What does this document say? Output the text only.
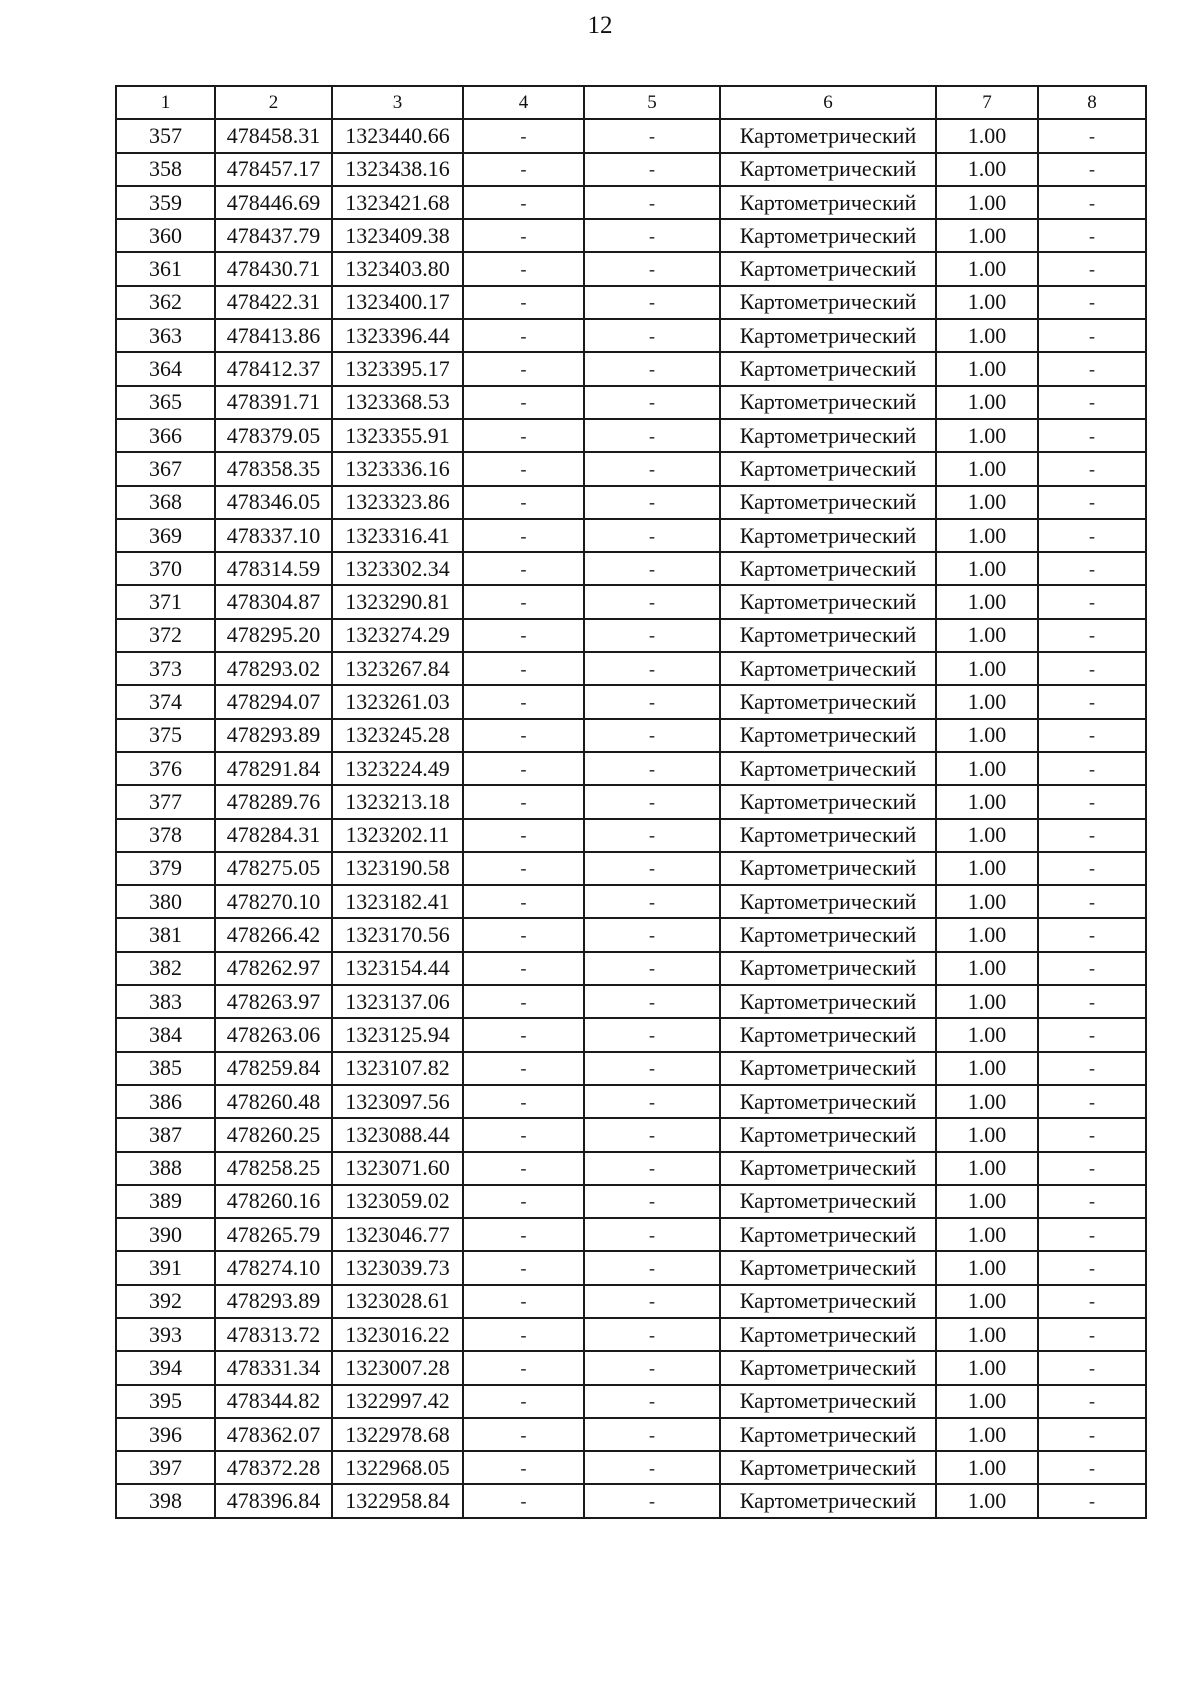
12
1	2	3	4	5	6	7	8
357	478458.31	1323440.66	-	-	Картометрический	1.00	-
358	478457.17	1323438.16	-	-	Картометрический	1.00	-
359	478446.69	1323421.68	-	-	Картометрический	1.00	-
360	478437.79	1323409.38	-	-	Картометрический	1.00	-
361	478430.71	1323403.80	-	-	Картометрический	1.00	-
362	478422.31	1323400.17	-	-	Картометрический	1.00	-
363	478413.86	1323396.44	-	-	Картометрический	1.00	-
364	478412.37	1323395.17	-	-	Картометрический	1.00	-
365	478391.71	1323368.53	-	-	Картометрический	1.00	-
366	478379.05	1323355.91	-	-	Картометрический	1.00	-
367	478358.35	1323336.16	-	-	Картометрический	1.00	-
368	478346.05	1323323.86	-	-	Картометрический	1.00	-
369	478337.10	1323316.41	-	-	Картометрический	1.00	-
370	478314.59	1323302.34	-	-	Картометрический	1.00	-
371	478304.87	1323290.81	-	-	Картометрический	1.00	-
372	478295.20	1323274.29	-	-	Картометрический	1.00	-
373	478293.02	1323267.84	-	-	Картометрический	1.00	-
374	478294.07	1323261.03	-	-	Картометрический	1.00	-
375	478293.89	1323245.28	-	-	Картометрический	1.00	-
376	478291.84	1323224.49	-	-	Картометрический	1.00	-
377	478289.76	1323213.18	-	-	Картометрический	1.00	-
378	478284.31	1323202.11	-	-	Картометрический	1.00	-
379	478275.05	1323190.58	-	-	Картометрический	1.00	-
380	478270.10	1323182.41	-	-	Картометрический	1.00	-
381	478266.42	1323170.56	-	-	Картометрический	1.00	-
382	478262.97	1323154.44	-	-	Картометрический	1.00	-
383	478263.97	1323137.06	-	-	Картометрический	1.00	-
384	478263.06	1323125.94	-	-	Картометрический	1.00	-
385	478259.84	1323107.82	-	-	Картометрический	1.00	-
386	478260.48	1323097.56	-	-	Картометрический	1.00	-
387	478260.25	1323088.44	-	-	Картометрический	1.00	-
388	478258.25	1323071.60	-	-	Картометрический	1.00	-
389	478260.16	1323059.02	-	-	Картометрический	1.00	-
390	478265.79	1323046.77	-	-	Картометрический	1.00	-
391	478274.10	1323039.73	-	-	Картометрический	1.00	-
392	478293.89	1323028.61	-	-	Картометрический	1.00	-
393	478313.72	1323016.22	-	-	Картометрический	1.00	-
394	478331.34	1323007.28	-	-	Картометрический	1.00	-
395	478344.82	1322997.42	-	-	Картометрический	1.00	-
396	478362.07	1322978.68	-	-	Картометрический	1.00	-
397	478372.28	1322968.05	-	-	Картометрический	1.00	-
398	478396.84	1322958.84	-	-	Картометрический	1.00	-
